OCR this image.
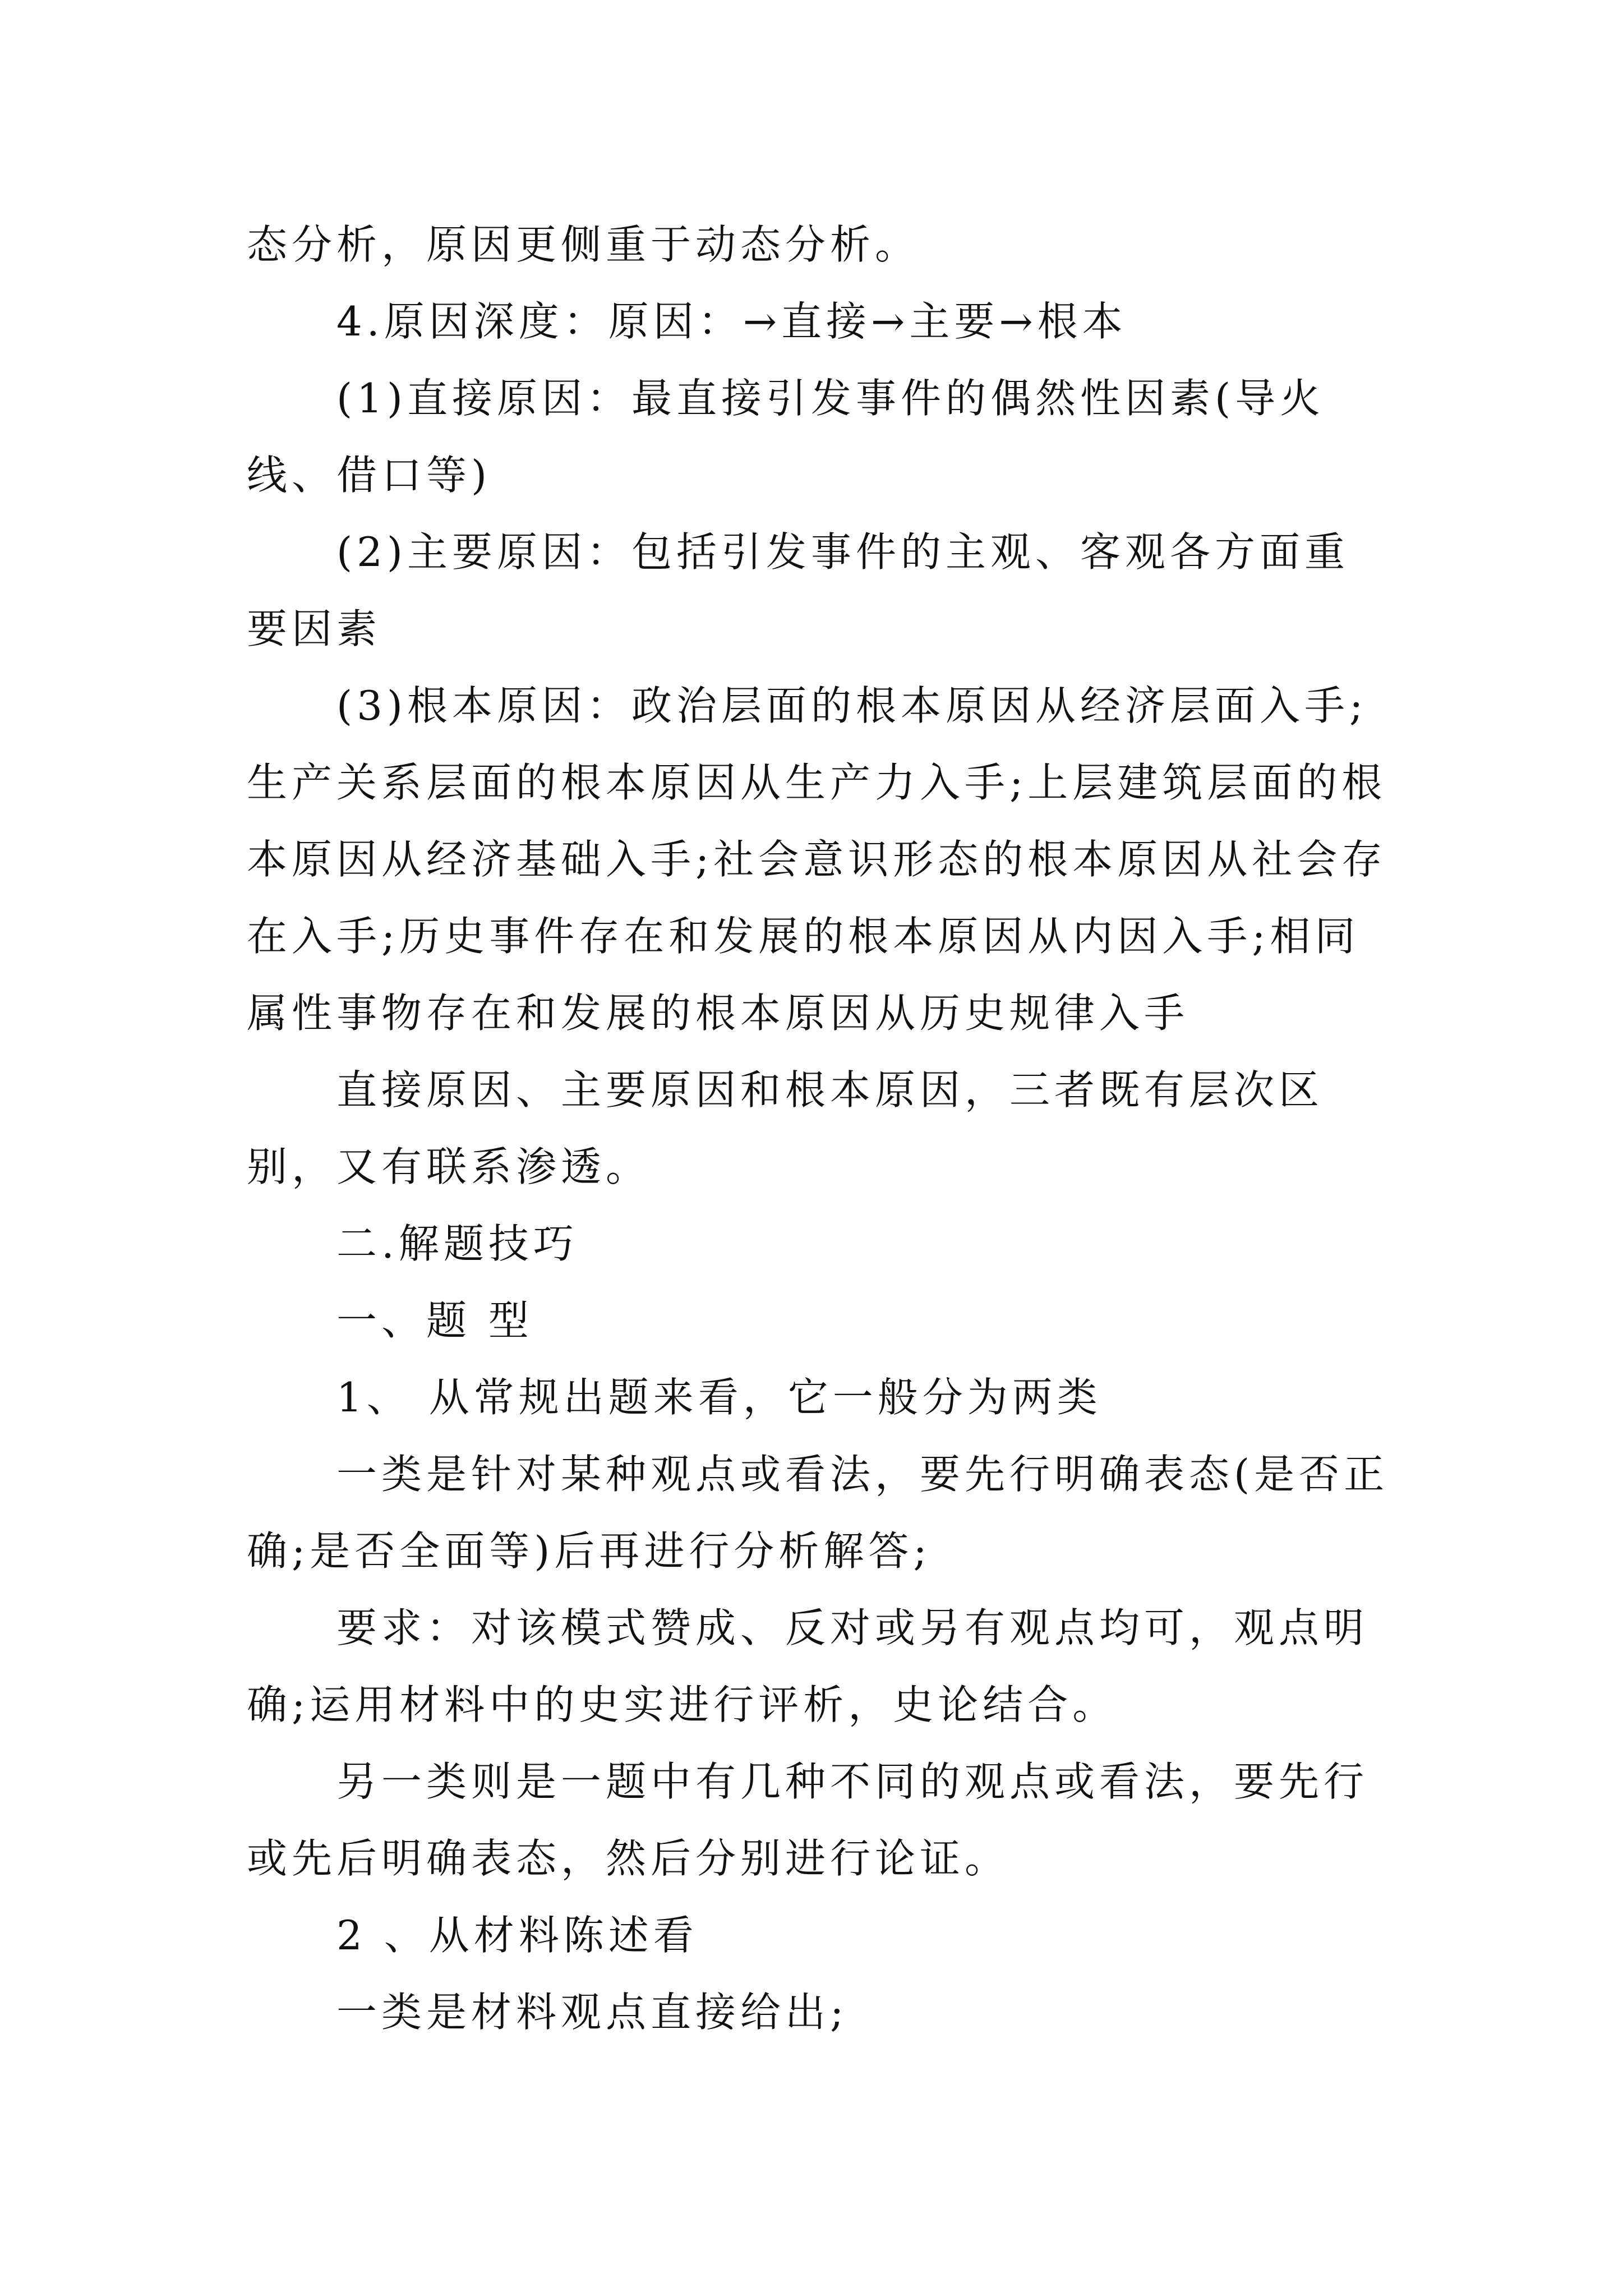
态分析，原因更侧重于动态分析。

4.原因深度：原因：→直接→主要→根本

(1)直接原因：最直接引发事件的偶然性因素(导火线、借口等)

(2)主要原因：包括引发事件的主观、客观各方面重要因素

(3)根本原因：政治层面的根本原因从经济层面入手;生产关系层面的根本原因从生产力入手;上层建筑层面的根本原因从经济基础入手;社会意识形态的根本原因从社会存在入手;历史事件存在和发展的根本原因从内因入手;相同属性事物存在和发展的根本原因从历史规律入手

直接原因、主要原因和根本原因，三者既有层次区别，又有联系渗透。

二.解题技巧

一、题 型

1、 从常规出题来看，它一般分为两类

一类是针对某种观点或看法，要先行明确表态(是否正确;是否全面等)后再进行分析解答;

要求：对该模式赞成、反对或另有观点均可，观点明确;运用材料中的史实进行评析，史论结合。

另一类则是一题中有几种不同的观点或看法，要先行或先后明确表态，然后分别进行论证。

2 、从材料陈述看

一类是材料观点直接给出;
